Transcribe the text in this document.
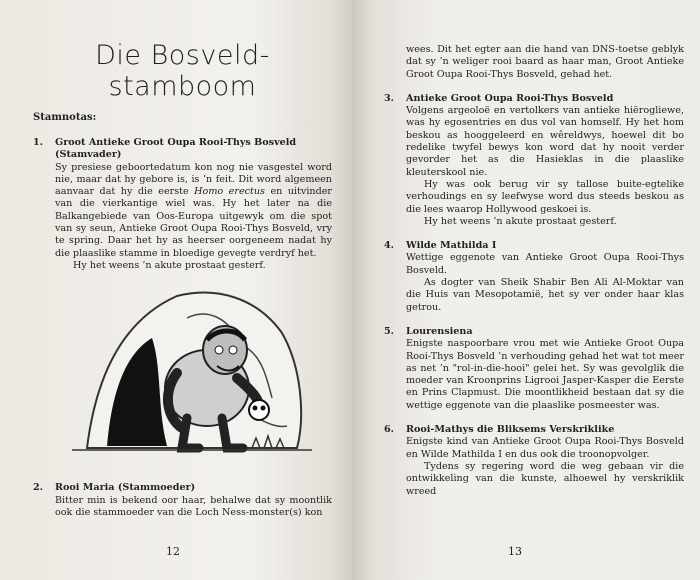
Die Bosveld-stamboom
Stamnotas:
1.	Groot Antieke Groot Oupa Rooi-Thys Bosveld (Stamvader)

Sy presiese geboortedatum kon nog nie vasgestel word nie, maar dat hy gebore is, is ’n feit. Dit word algemeen aanvaar dat hy die eerste Homo erectus en uitvinder van die vierkantige wiel was. Hy het later na die Balkangebiede van Oos-Europa uitgewyk om die spot van sy seun, Antieke Groot Oupa Rooi-Thys Bosveld, vry te spring. Daar het hy as heerser oorgeneem nadat hy die plaaslike stamme in bloedige gevegte verdryf het.

Hy het weens ’n akute prostaat gesterf.

2.	Rooi Maria (Stammoeder)

Bitter min is bekend oor haar, behalwe dat sy moontlik ook die stammoeder van die Loch Ness-monster(s) kon

12
wees. Dit het egter aan die hand van DNS-toetse geblyk dat sy ’n weliger rooi baard as haar man, Groot Antieke Groot Oupa Rooi-Thys Bosveld, gehad het.
3.	Antieke Groot Oupa Rooi-Thys Bosveld

Volgens argeoloë en vertolkers van antieke hiërogliewe, was hy egosentries en dus vol van homself. Hy het hom beskou as hooggeleerd en wêreldwys, hoewel dit bo redelike twyfel bewys kon word dat hy nooit verder gevorder het as die Hasieklas in die plaaslike kleuterskool nie.

Hy was ook berug vir sy tallose buite-egtelike verhoudings en sy leefwyse word dus steeds beskou as die lees waarop Hollywood geskoei is.

Hy het weens ’n akute prostaat gesterf.

4.	Wilde Mathilda I

Wettige eggenote van Antieke Groot Oupa Rooi-Thys Bosveld.

As dogter van Sheik Shabir Ben Ali Al-Moktar van die Huis van Mesopotamië, het sy ver onder haar klas getrou.

5.	Lourensiena

Enigste naspoorbare vrou met wie Antieke Groot Oupa Rooi-Thys Bosveld ’n verhouding gehad het wat tot meer as net ’n "rol-in-die-hooi" gelei het. Sy was gevolglik die moeder van Kroonprins Ligrooi Jasper-Kasper die Eerste en Prins Clapmust. Die moontlikheid bestaan dat sy die wettige eggenote van die plaaslike posmeester was.

6.	Rooi-Mathys die Bliksems Verskriklike

Enigste kind van Antieke Groot Oupa Rooi-Thys Bosveld en Wilde Mathilda I en dus ook die troonopvolger.

Tydens sy regering word die weg gebaan vir die ontwikkeling van die kunste, alhoewel hy verskriklik wreed

13
